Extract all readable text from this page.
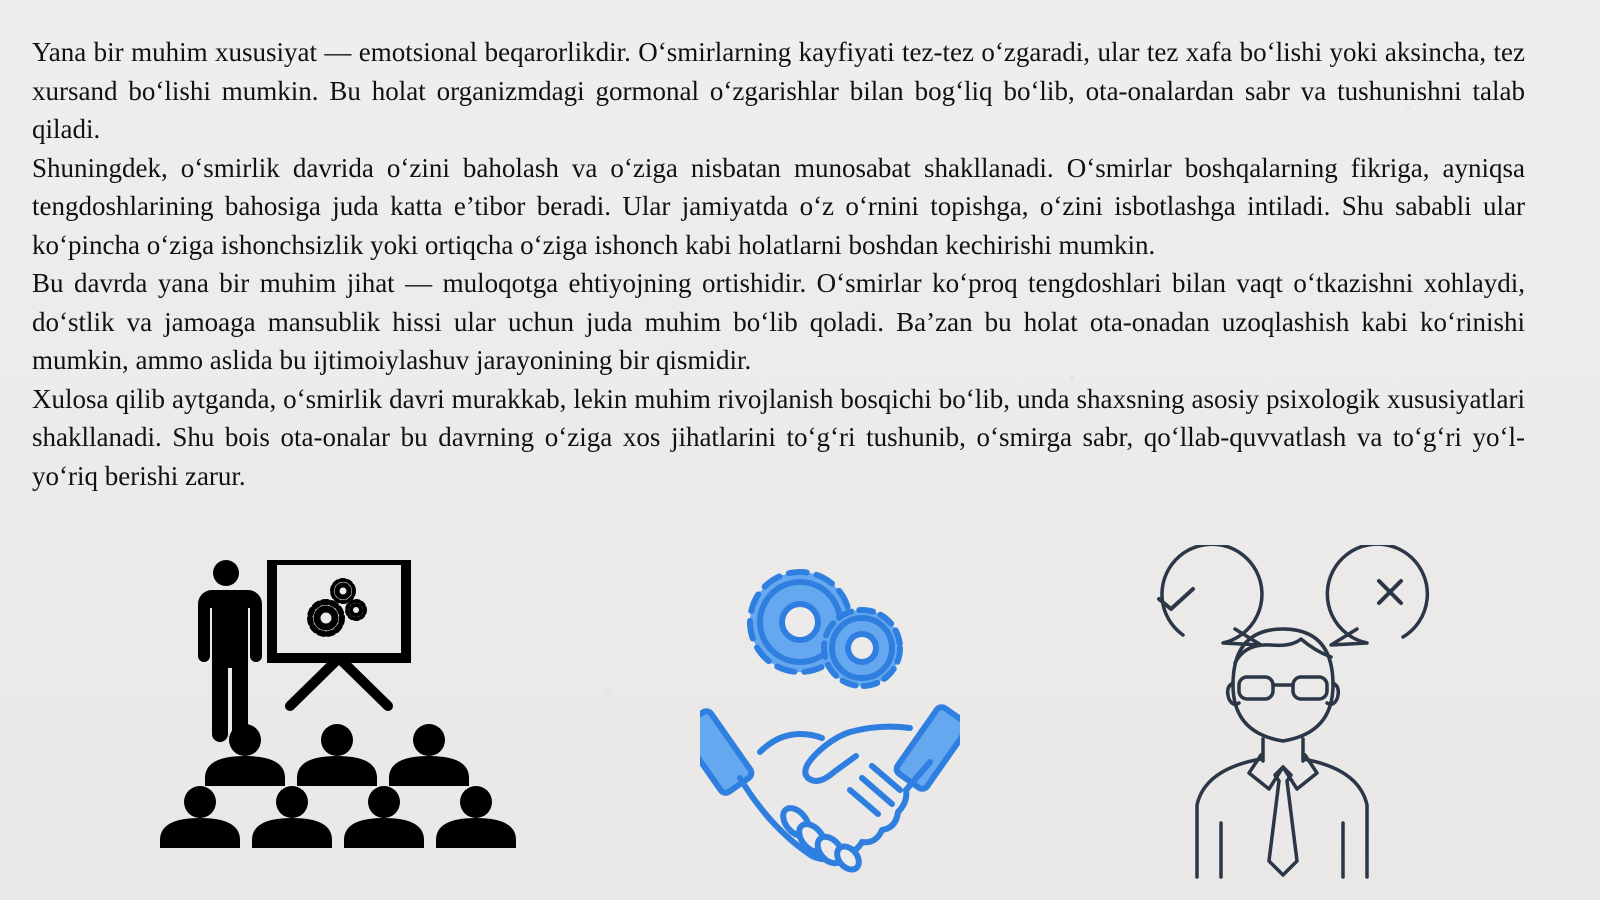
Yana bir muhim xususiyat — emotsional beqarorlikdir. O‘smirlarning kayfiyati tez-tez o‘zgaradi, ular tez xafa bo‘lishi yoki aksincha, tez xursand bo‘lishi mumkin. Bu holat organizmdagi gormonal o‘zgarishlar bilan bog‘liq bo‘lib, ota-onalardan sabr va tushunishni talab qiladi.

Shuningdek, o‘smirlik davrida o‘zini baholash va o‘ziga nisbatan munosabat shakllanadi. O‘smirlar boshqalarning fikriga, ayniqsa tengdoshlarining bahosiga juda katta e’tibor beradi. Ular jamiyatda o‘z o‘rnini topishga, o‘zini isbotlashga intiladi. Shu sababli ular ko‘pincha o‘ziga ishonchsizlik yoki ortiqcha o‘ziga ishonch kabi holatlarni boshdan kechirishi mumkin.

Bu davrda yana bir muhim jihat — muloqotga ehtiyojning ortishidir. O‘smirlar ko‘proq tengdoshlari bilan vaqt o‘tkazishni xohlaydi, do‘stlik va jamoaga mansublik hissi ular uchun juda muhim bo‘lib qoladi. Ba’zan bu holat ota-onadan uzoqlashish kabi ko‘rinishi mumkin, ammo aslida bu ijtimoiylashuv jarayonining bir qismidir.

Xulosa qilib aytganda, o‘smirlik davri murakkab, lekin muhim rivojlanish bosqichi bo‘lib, unda shaxsning asosiy psixologik xususiyatlari shakllanadi. Shu bois ota-onalar bu davrning o‘ziga xos jihatlarini to‘g‘ri tushunib, o‘smirga sabr, qo‘llab-quvvatlash va to‘g‘ri yo‘l-yo‘riq berishi zarur.
